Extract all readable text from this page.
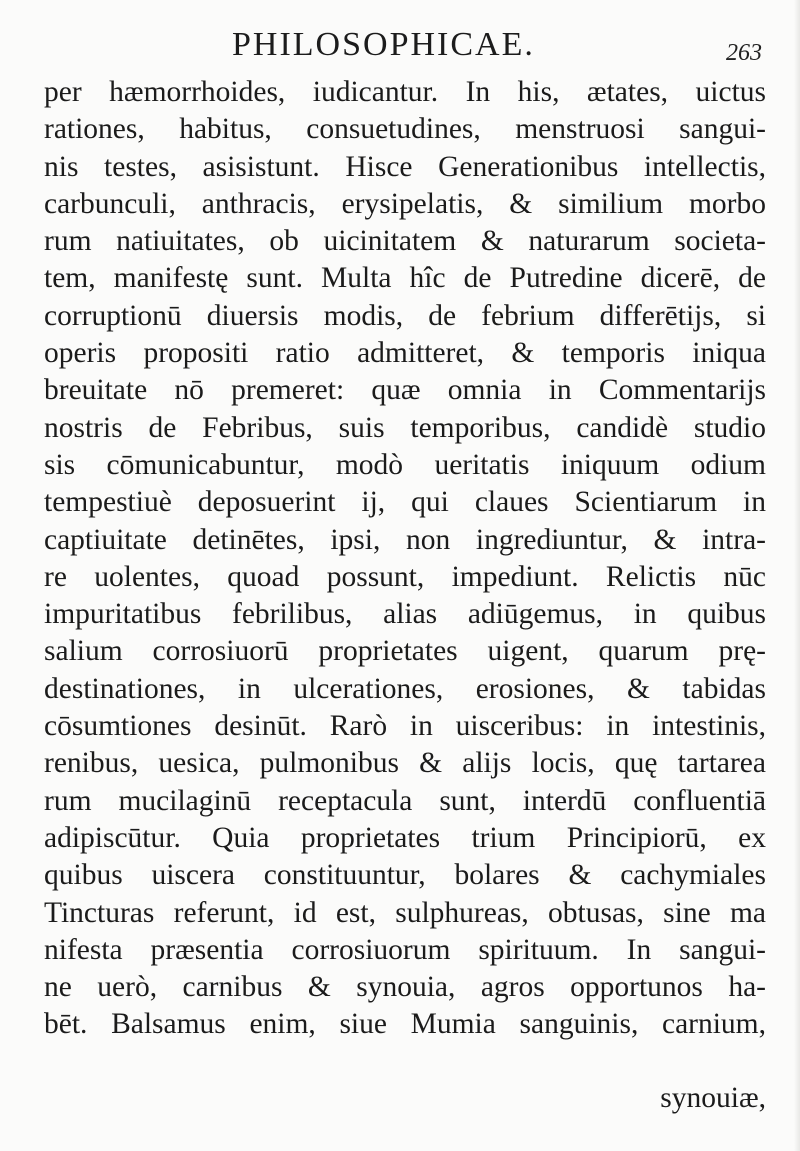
PHILOSOPHICAE.	263
per hæmorrhoides, iudicantur. In his, ætates, uictus
rationes, habitus, consuetudines, menstruosi sangui-
nis testes, asisistunt. Hisce Generationibus intellectis,
carbunculi, anthracis, erysipelatis, & similium morbo
rum natiuitates, ob uicinitatem & naturarum societa-
tem, manifestę sunt. Multa hîc de Putredine dicerē, de
corruptionū diuersis modis, de febrium differētijs, si
operis propositi ratio admitteret, & temporis iniqua
breuitate nō premeret: quæ omnia in Commentarijs
nostris de Febribus, suis temporibus, candidè studio
sis cōmunicabuntur, modò ueritatis iniquum odium
tempestiuè deposuerint ij, qui claues Scientiarum in
captiuitate detinētes, ipsi, non ingrediuntur, & intra-
re uolentes, quoad possunt, impediunt. Relictis nūc
impuritatibus febrilibus, alias adiūgemus, in quibus
salium corrosiuorū proprietates uigent, quarum prę-
destinationes, in ulcerationes, erosiones, & tabidas
cōsumtiones desinūt. Rarò in uisceribus: in intestinis,
renibus, uesica, pulmonibus & alijs locis, quę tartarea
rum mucilaginū receptacula sunt, interdū confluentiā
adipiscūtur. Quia proprietates trium Principiorū, ex
quibus uiscera constituuntur, bolares & cachymiales
Tincturas referunt, id est, sulphureas, obtusas, sine ma
nifesta præsentia corrosiuorum spirituum. In sangui-
ne uerò, carnibus & synouia, agros opportunos ha-
bēt. Balsamus enim, siue Mumia sanguinis, carnium,
synouiæ,
